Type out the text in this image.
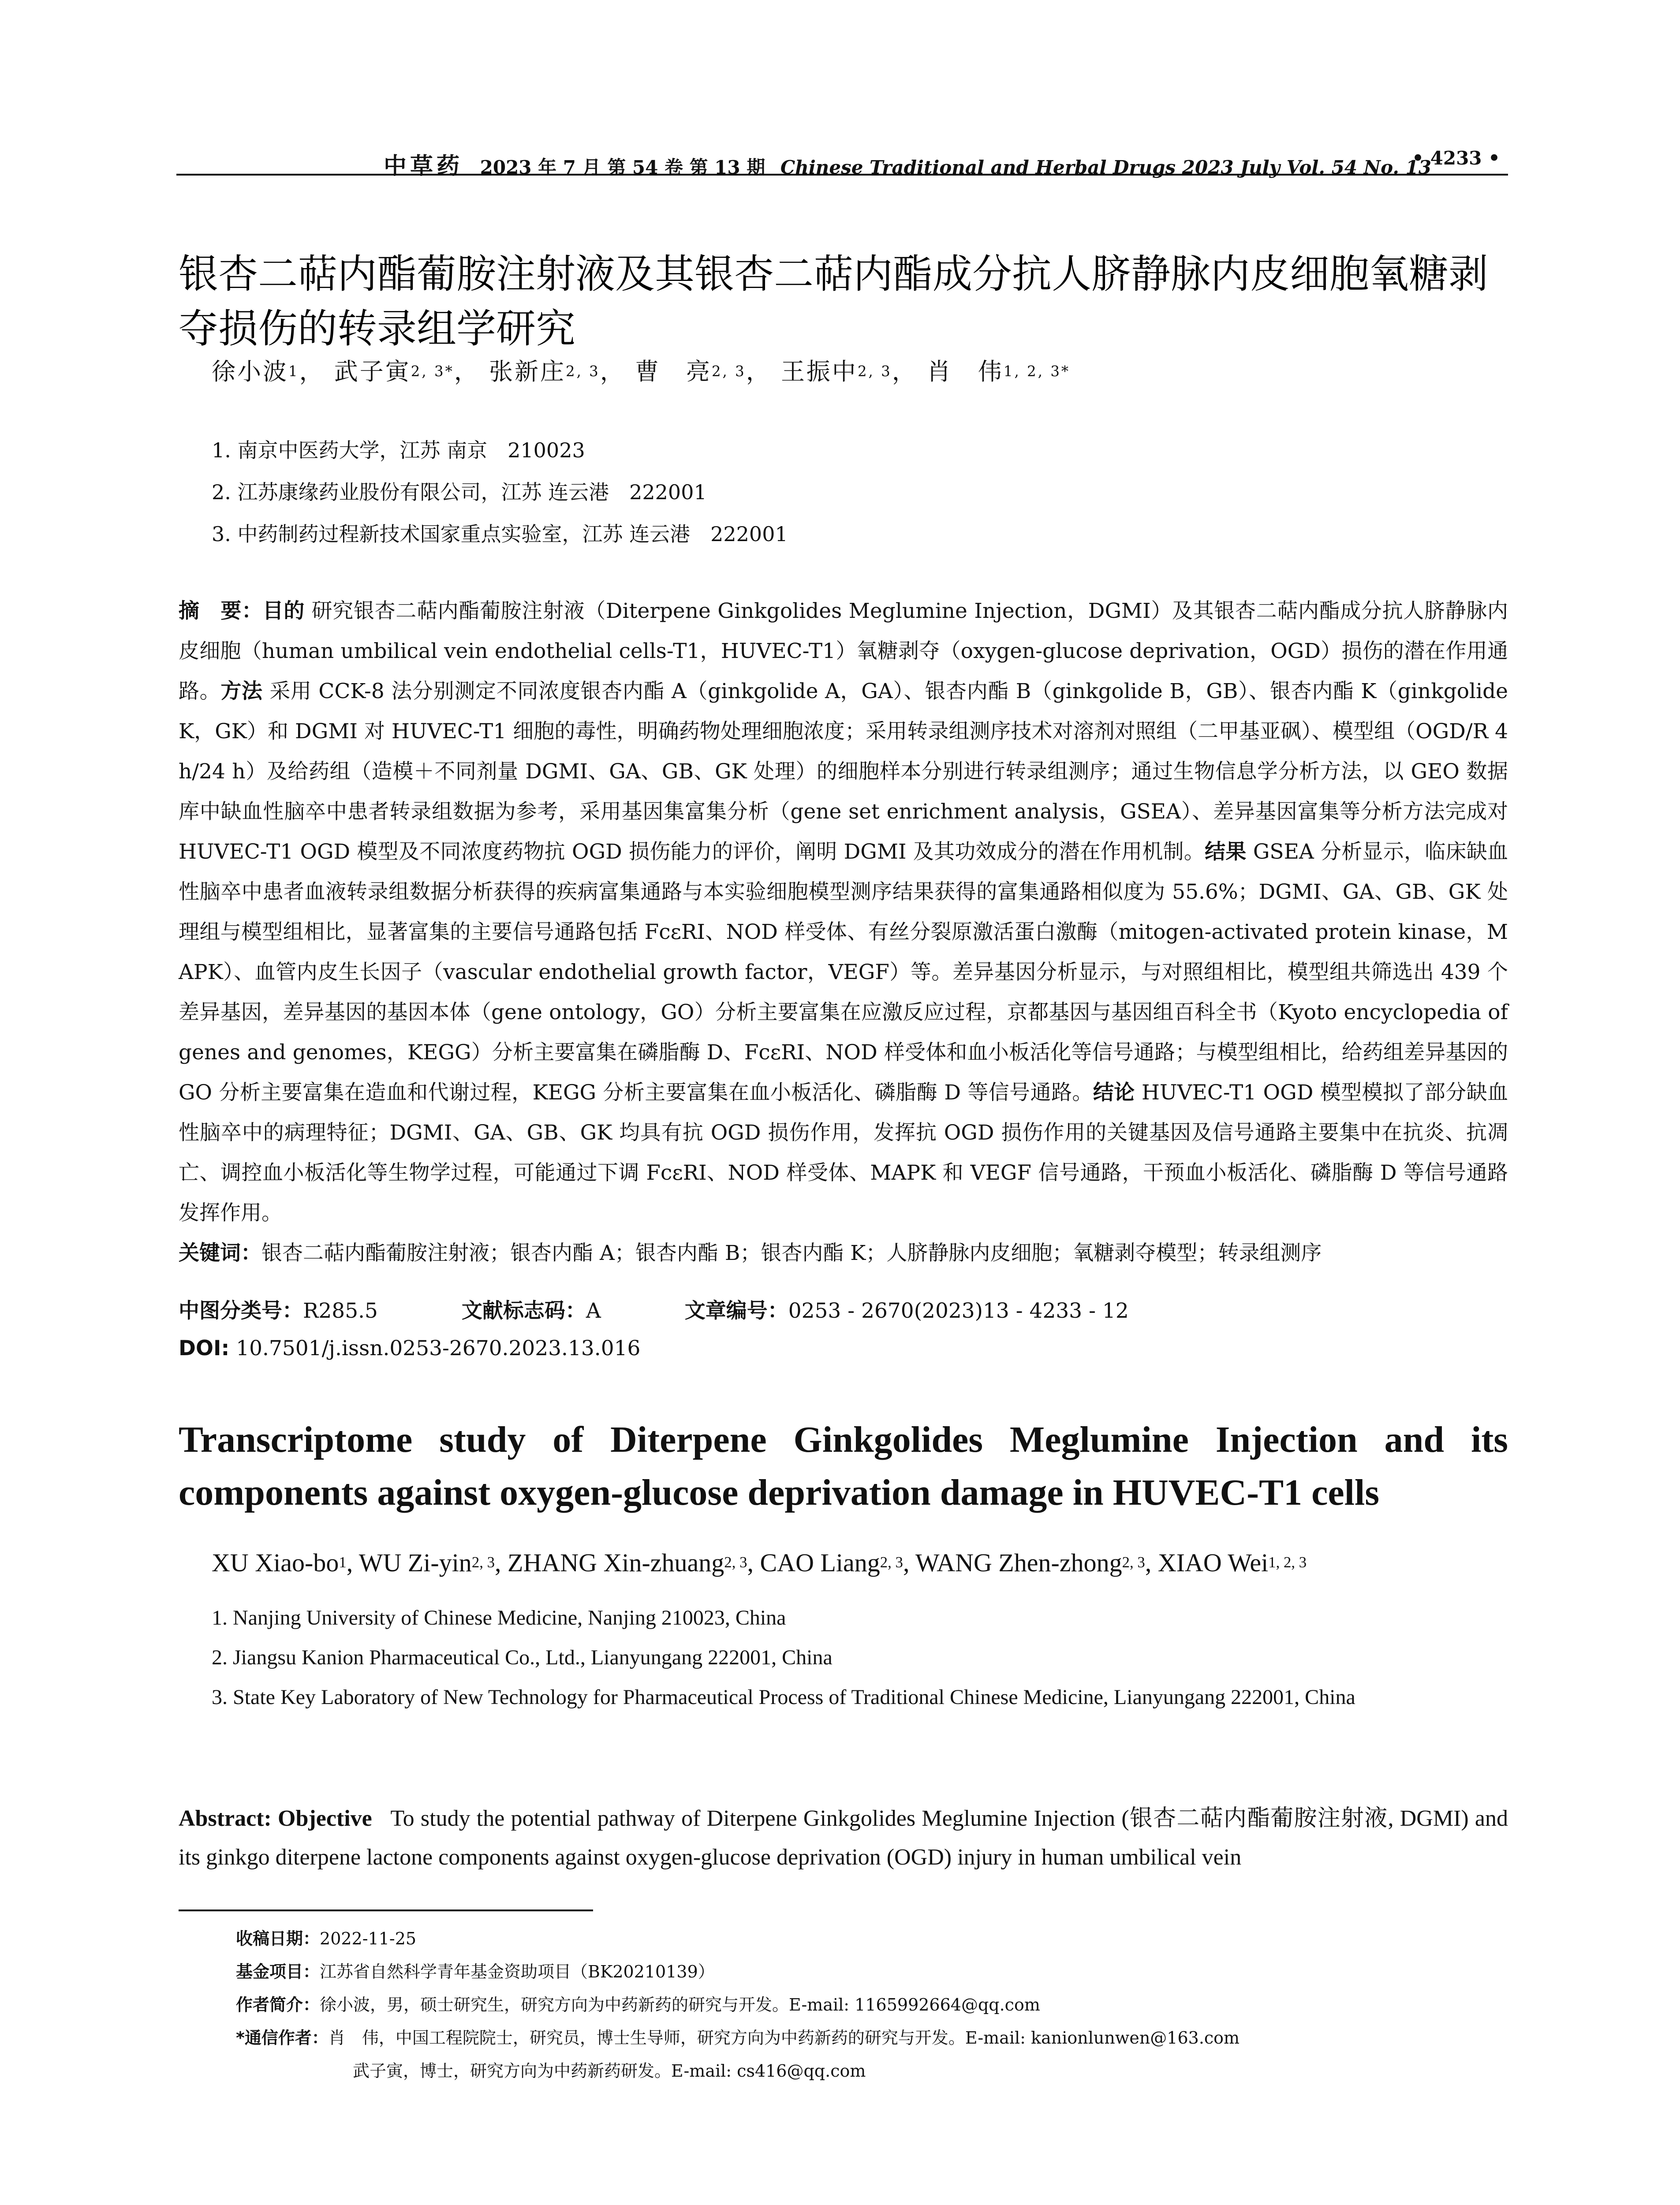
中草药 2023 年 7 月 第 54 卷 第 13 期 Chinese Traditional and Herbal Drugs 2023 July Vol. 54 No. 13
• 4233 •
银杏二萜内酯葡胺注射液及其银杏二萜内酯成分抗人脐静脉内皮细胞氧糖剥夺损伤的转录组学研究
徐小波$^1$， 武子寅$^{2, 3*}$， 张新庄$^{2, 3}$， 曹　亮$^{2, 3}$， 王振中$^{2, 3}$， 肖　伟$^{1, 2, 3*}$
1. 南京中医药大学，江苏 南京　210023
2. 江苏康缘药业股份有限公司，江苏 连云港　222001
3. 中药制药过程新技术国家重点实验室，江苏 连云港　222001
摘　要：目的 研究银杏二萜内酯葡胺注射液（Diterpene Ginkgolides Meglumine Injection，DGMI）及其银杏二萜内酯成分抗人脐静脉内皮细胞（human umbilical vein endothelial cells-T1，HUVEC-T1）氧糖剥夺（oxygen-glucose deprivation，OGD）损伤的潜在作用通路。方法 采用 CCK-8 法分别测定不同浓度银杏内酯 A（ginkgolide A，GA）、银杏内酯 B（ginkgolide B，GB）、银杏内酯 K（ginkgolide K，GK）和 DGMI 对 HUVEC-T1 细胞的毒性，明确药物处理细胞浓度；采用转录组测序技术对溶剂对照组（二甲基亚砜）、模型组（OGD/R 4 h/24 h）及给药组（造模＋不同剂量 DGMI、GA、GB、GK 处理）的细胞样本分别进行转录组测序；通过生物信息学分析方法，以 GEO 数据库中缺血性脑卒中患者转录组数据为参考，采用基因集富集分析（gene set enrichment analysis，GSEA）、差异基因富集等分析方法完成对 HUVEC-T1 OGD 模型及不同浓度药物抗 OGD 损伤能力的评价，阐明 DGMI 及其功效成分的潜在作用机制。结果 GSEA 分析显示，临床缺血性脑卒中患者血液转录组数据分析获得的疾病富集通路与本实验细胞模型测序结果获得的富集通路相似度为 55.6%；DGMI、GA、GB、GK 处理组与模型组相比，显著富集的主要信号通路包括 FcεRI、NOD 样受体、有丝分裂原激活蛋白激酶（mitogen-activated protein kinase，MAPK）、血管内皮生长因子（vascular endothelial growth factor，VEGF）等。差异基因分析显示，与对照组相比，模型组共筛选出 439 个差异基因，差异基因的基因本体（gene ontology，GO）分析主要富集在应激反应过程，京都基因与基因组百科全书（Kyoto encyclopedia of genes and genomes，KEGG）分析主要富集在磷脂酶 D、FcεRI、NOD 样受体和血小板活化等信号通路；与模型组相比，给药组差异基因的 GO 分析主要富集在造血和代谢过程，KEGG 分析主要富集在血小板活化、磷脂酶 D 等信号通路。结论 HUVEC-T1 OGD 模型模拟了部分缺血性脑卒中的病理特征；DGMI、GA、GB、GK 均具有抗 OGD 损伤作用，发挥抗 OGD 损伤作用的关键基因及信号通路主要集中在抗炎、抗凋亡、调控血小板活化等生物学过程，可能通过下调 FcεRI、NOD 样受体、MAPK 和 VEGF 信号通路，干预血小板活化、磷脂酶 D 等信号通路发挥作用。
关键词：银杏二萜内酯葡胺注射液；银杏内酯 A；银杏内酯 B；银杏内酯 K；人脐静脉内皮细胞；氧糖剥夺模型；转录组测序
中图分类号：R285.5	文献标志码：A	文章编号：0253 - 2670(2023)13 - 4233 - 12
DOI: 10.7501/j.issn.0253-2670.2023.13.016
Transcriptome study of Diterpene Ginkgolides Meglumine Injection and its components against oxygen-glucose deprivation damage in HUVEC-T1 cells
XU Xiao-$bo^1$, WU Zi-yin$^{2, 3}$, ZHANG Xin-zhuang$^{2, 3}$, CAO Liang$^{2, 3}$, WANG Zhen-zhong$^{2, 3}$, XIAO Wei$^{1, 2, 3}$
1. Nanjing University of Chinese Medicine, Nanjing 210023, China
2. Jiangsu Kanion Pharmaceutical Co., Ltd., Lianyungang 222001, China
3. State Key Laboratory of New Technology for Pharmaceutical Process of Traditional Chinese Medicine, Lianyungang 222001, China
Abstract: Objective To study the potential pathway of Diterpene Ginkgolides Meglumine Injection (银杏二萜内酯葡胺注射液, DGMI) and its ginkgo diterpene lactone components against oxygen-glucose deprivation (OGD) injury in human umbilical vein
收稿日期：2022-11-25
基金项目：江苏省自然科学青年基金资助项目（BK20210139）
作者简介：徐小波，男，硕士研究生，研究方向为中药新药的研究与开发。E-mail: 1165992664@qq.com
*通信作者：肖　伟，中国工程院院士，研究员，博士生导师，研究方向为中药新药的研究与开发。E-mail: kanionlunwen@163.com
武子寅，博士，研究方向为中药新药研发。E-mail: cs416@qq.com
